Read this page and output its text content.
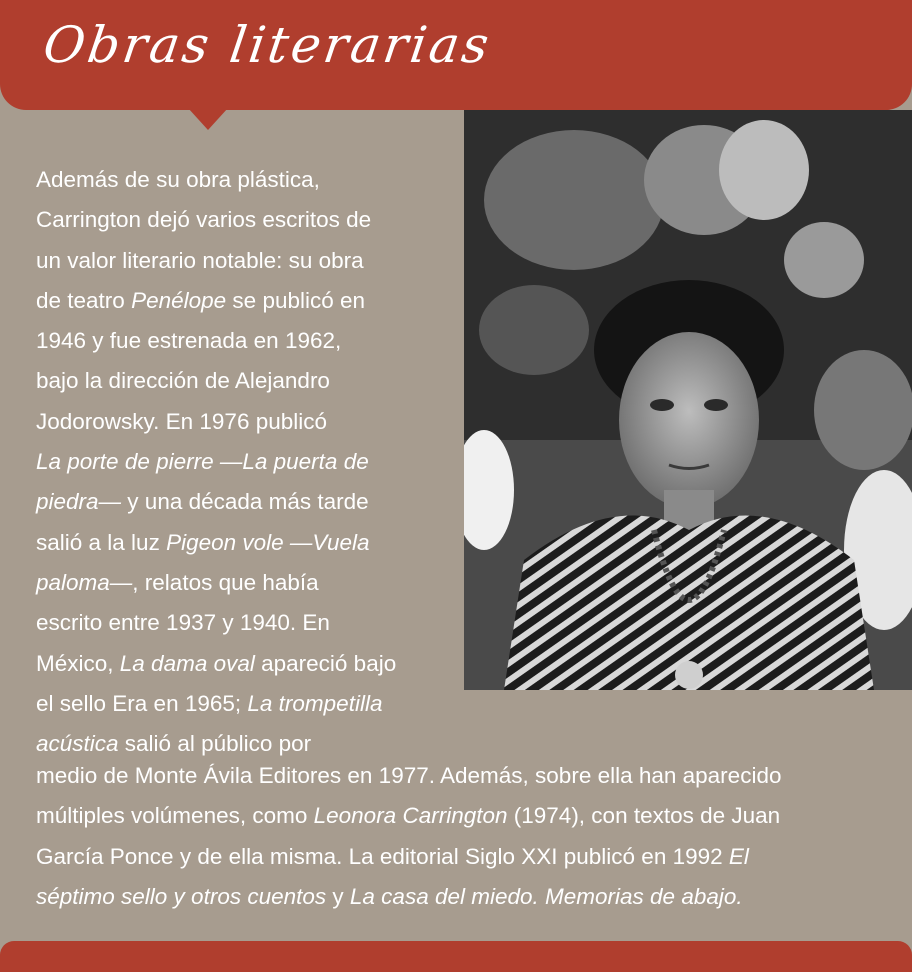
Obras literarias
Además de su obra plástica,
Carrington dejó varios escritos de
un valor literario notable: su obra
de teatro Penélope se publicó en
1946 y fue estrenada en 1962,
bajo la dirección de Alejandro
Jodorowsky. En 1976 publicó
La porte de pierre —La puerta de
piedra— y una década más tarde
salió a la luz Pigeon vole —Vuela
paloma—, relatos que había
escrito entre 1937 y 1940. En
México, La dama oval apareció bajo
el sello Era en 1965; La trompetilla
acústica salió al público por
medio de Monte Ávila Editores en 1977. Además, sobre ella han aparecido
múltiples volúmenes, como Leonora Carrington (1974), con textos de Juan
García Ponce y de ella misma. La editorial Siglo XXI publicó en 1992 El
séptimo sello y otros cuentos y La casa del miedo. Memorias de abajo.
